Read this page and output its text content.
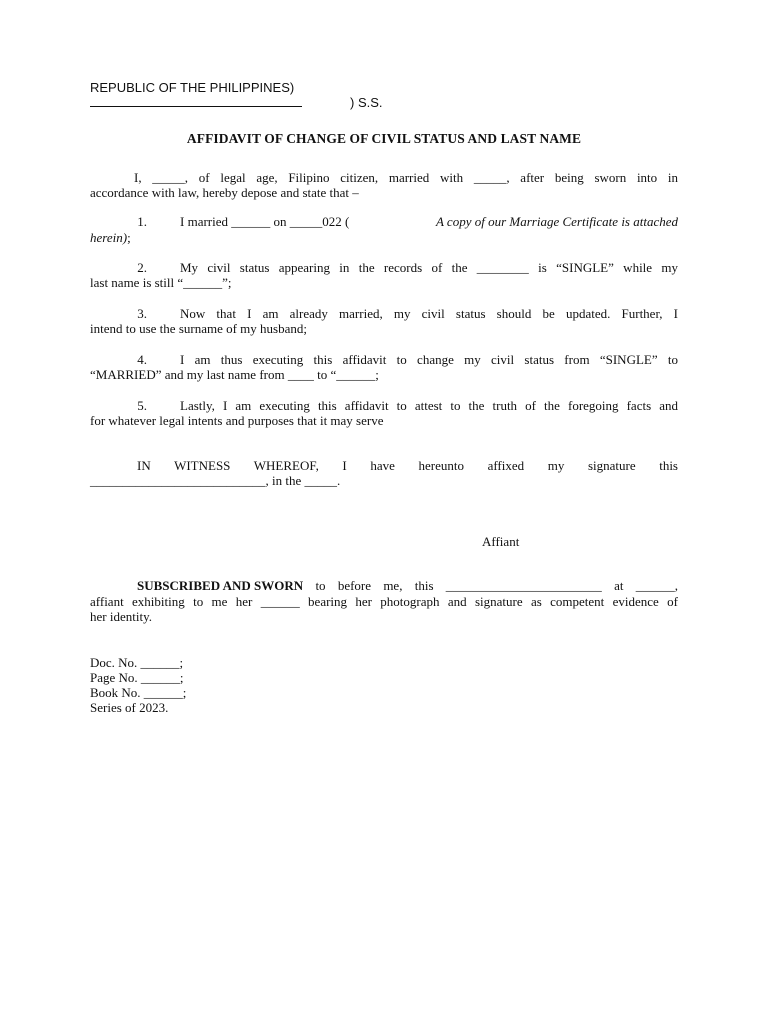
REPUBLIC OF THE PHILIPPINES)
) S.S.
AFFIDAVIT OF CHANGE OF CIVIL STATUS AND LAST NAME
I, _____, of legal age, Filipino citizen, married with _____, after being sworn into in
accordance with law, hereby depose and state that –
1.	I married ______ on _____022 (	A copy of our Marriage Certificate is attached
herein);
2.	My civil status appearing in the records of the ________ is “SINGLE” while my
last name is still “______”;
3.	Now that I am already married, my civil status should be updated. Further, I
intend to use the surname of my husband;
4.	I am thus executing this affidavit to change my civil status from “SINGLE” to
“MARRIED” and my last name from ____ to “______;
5.	Lastly, I am executing this affidavit to attest to the truth of the foregoing facts and
for whatever legal intents and purposes that it may serve
IN WITNESS WHEREOF, I have hereunto affixed my signature this
___________________________, in the _____.
Affiant
SUBSCRIBED AND SWORN to before me, this ________________________ at ______,
affiant exhibiting to me her ______ bearing her photograph and signature as competent evidence of
her identity.
Doc. No. ______;
Page No. ______;
Book No. ______;
Series of 2023.
